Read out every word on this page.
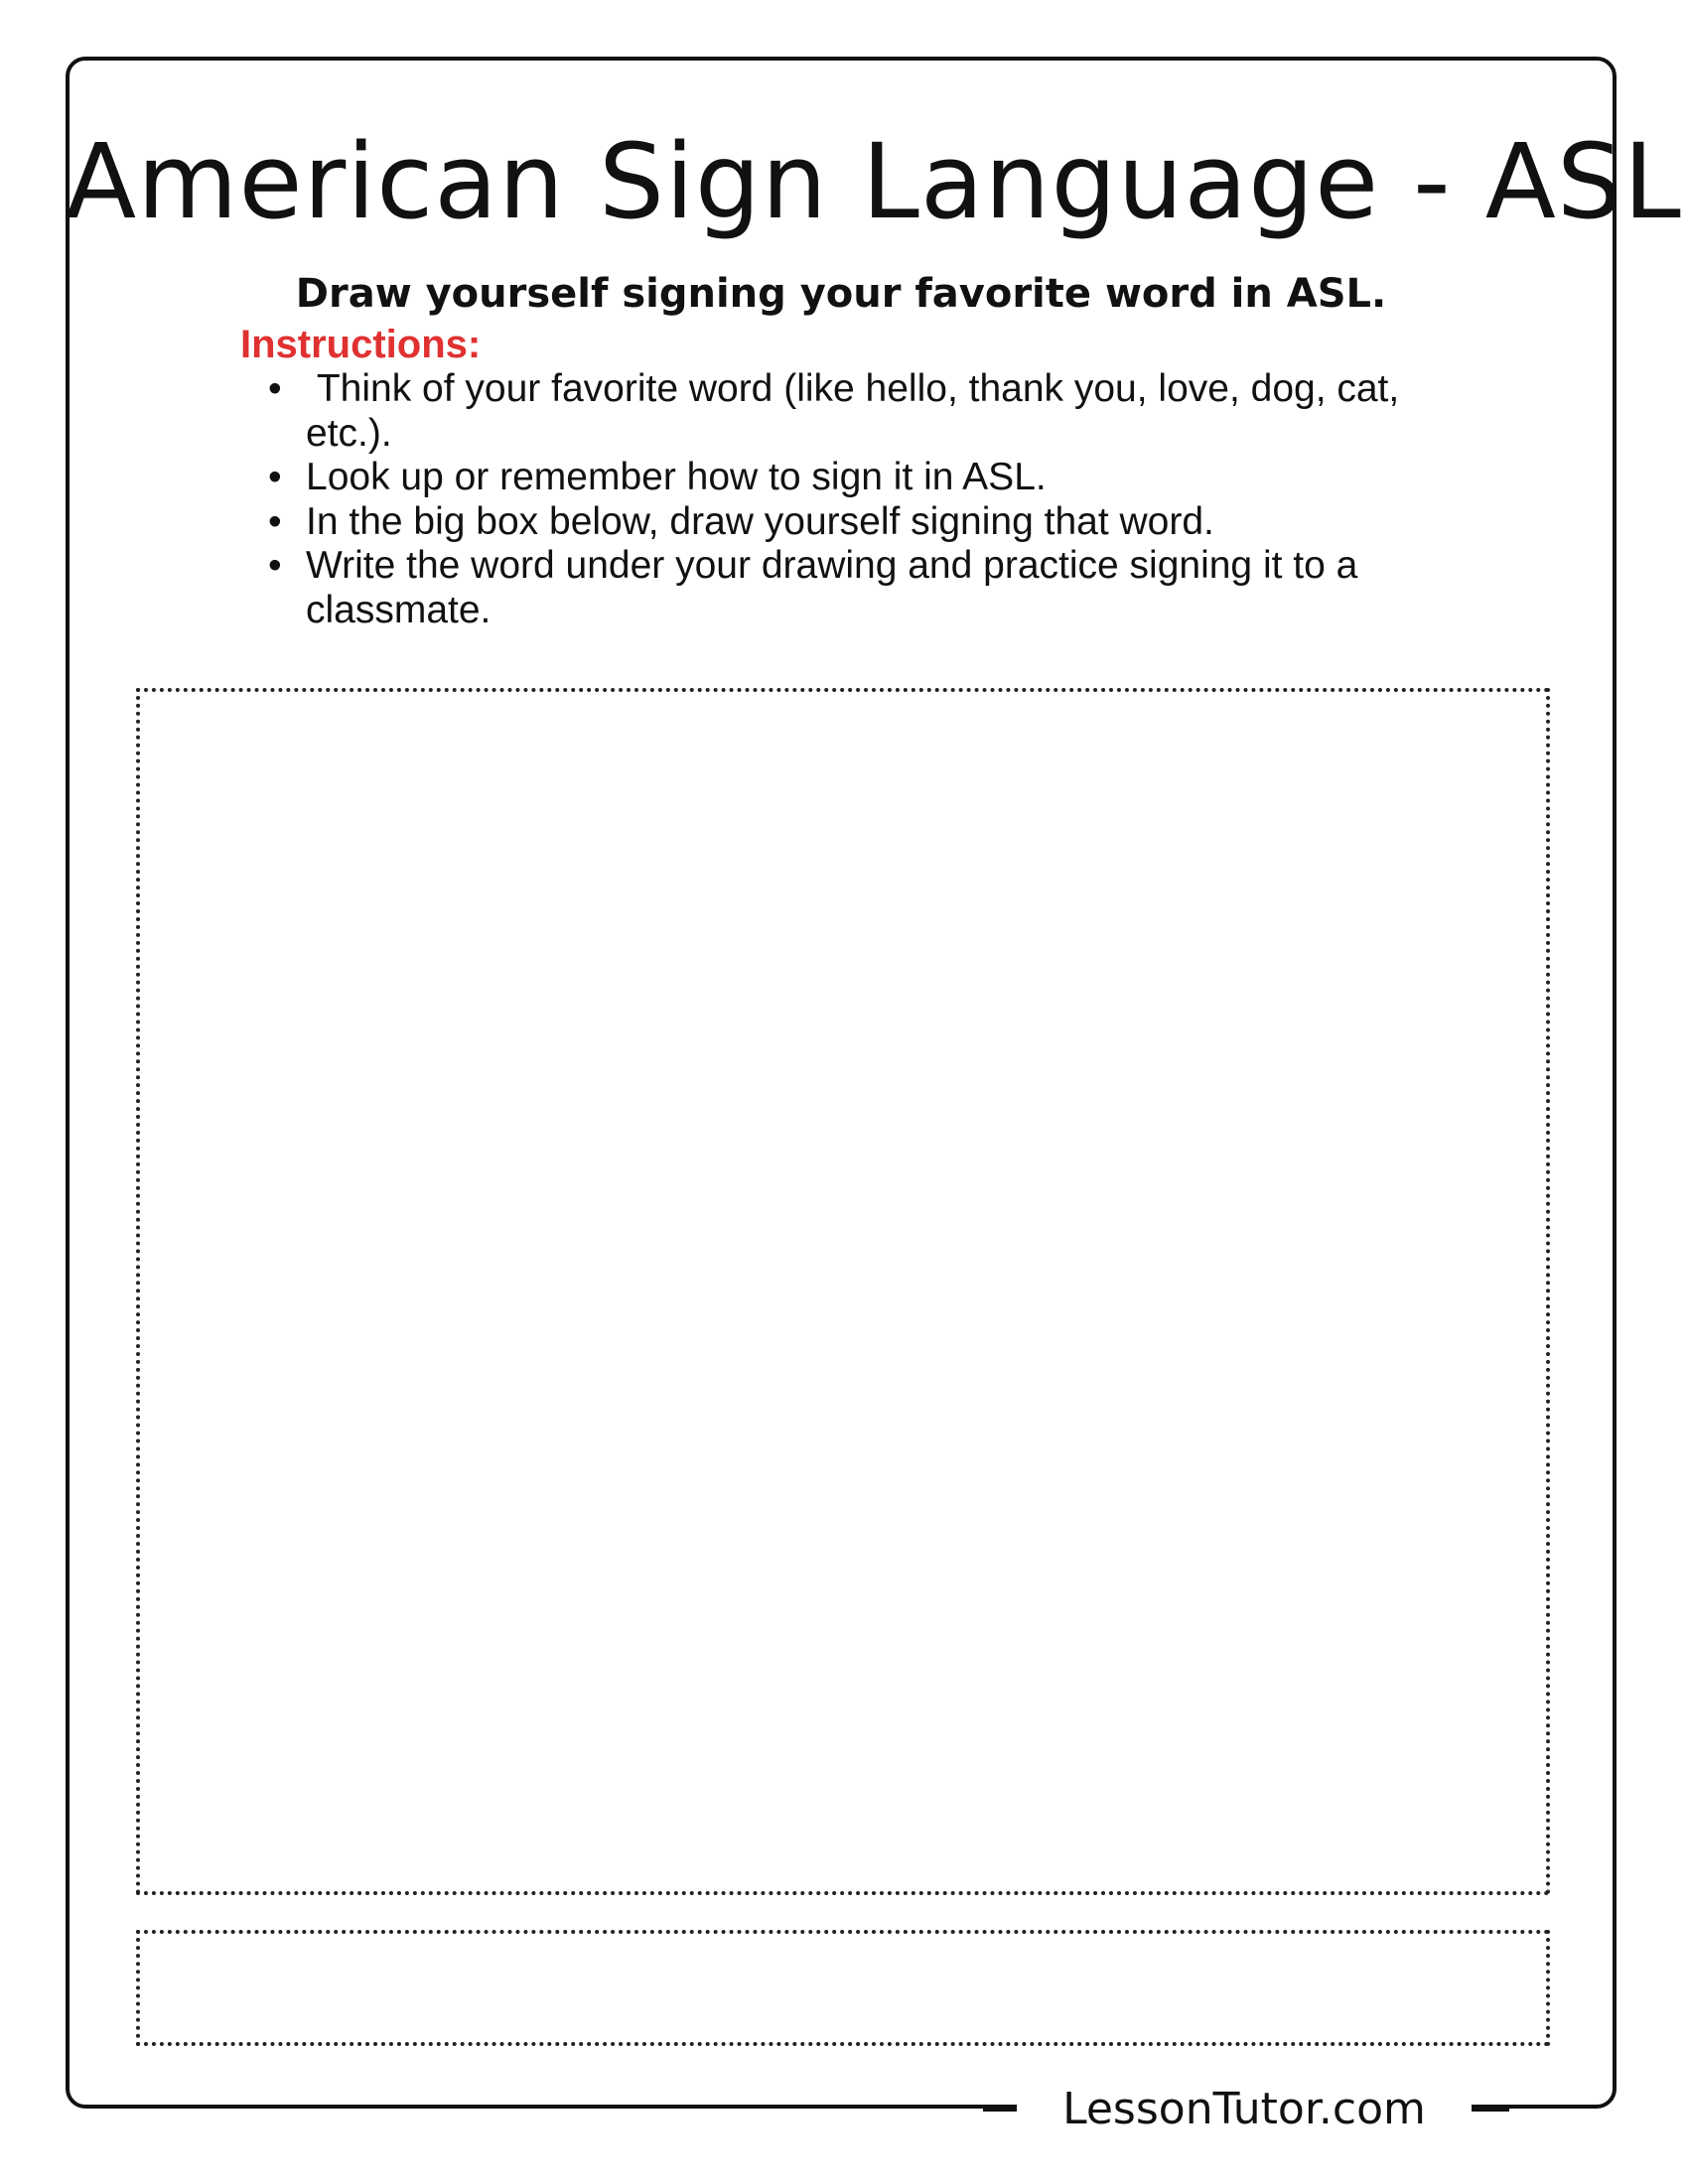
American Sign Language - ASL
Draw yourself signing your favorite word in ASL.
Instructions:
• Think of your favorite word (like hello, thank you, love, dog, cat, etc.).
• Look up or remember how to sign it in ASL.
• In the big box below, draw yourself signing that word.
• Write the word under your drawing and practice signing it to a classmate.
LessonTutor.com
